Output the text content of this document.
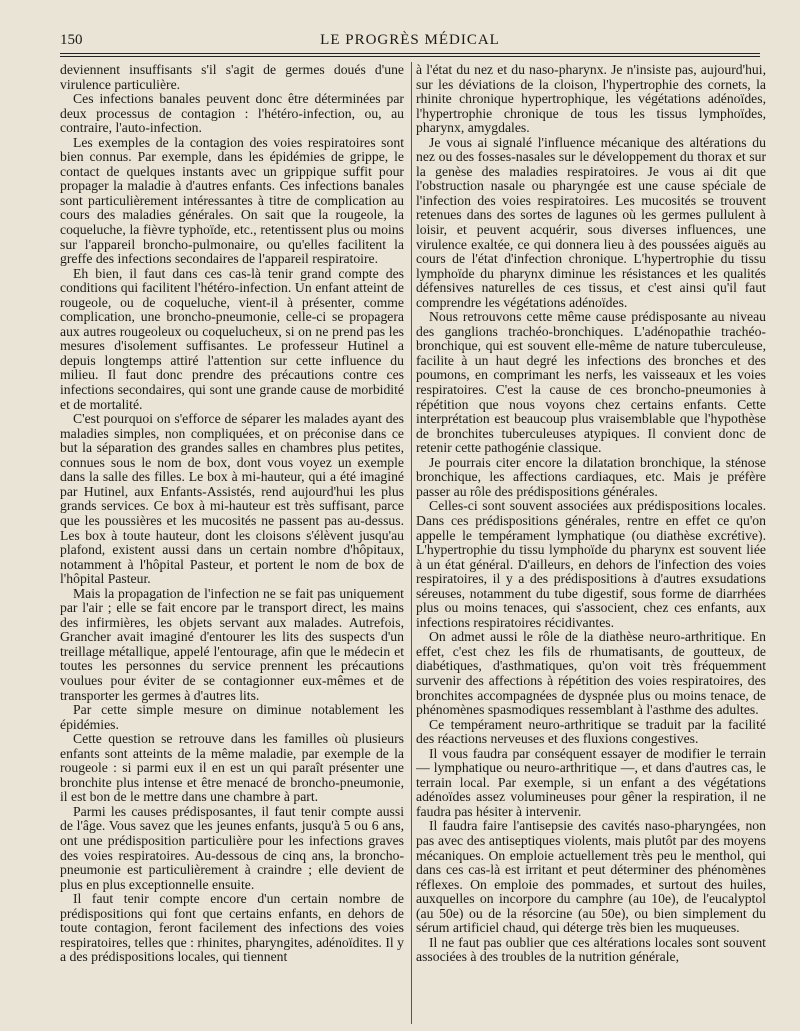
150	LE PROGRÈS MÉDICAL

deviennent insuffisants s'il s'agit de germes doués d'une virulence particulière.

Ces infections banales peuvent donc être déterminées par deux processus de contagion : l'hétéro-infection, ou, au contraire, l'auto-infection.

Les exemples de la contagion des voies respiratoires sont bien connus. Par exemple, dans les épidémies de grippe, le contact de quelques instants avec un grippique suffit pour propager la maladie à d'autres enfants. Ces infections banales sont particulièrement intéressantes à titre de complication au cours des maladies générales. On sait que la rougeole, la coqueluche, la fièvre typhoïde, etc., retentissent plus ou moins sur l'appareil broncho-pulmonaire, ou qu'elles facilitent la greffe des infections secondaires de l'appareil respiratoire.

Eh bien, il faut dans ces cas-là tenir grand compte des conditions qui facilitent l'hétéro-infection. Un enfant atteint de rougeole, ou de coqueluche, vient-il à présenter, comme complication, une broncho-pneumonie, celle-ci se propagera aux autres rougeoleux ou coquelucheux, si on ne prend pas les mesures d'isolement suffisantes. Le professeur Hutinel a depuis longtemps attiré l'attention sur cette influence du milieu. Il faut donc prendre des précautions contre ces infections secondaires, qui sont une grande cause de morbidité et de mortalité.

C'est pourquoi on s'efforce de séparer les malades ayant des maladies simples, non compliquées, et on préconise dans ce but la séparation des grandes salles en chambres plus petites, connues sous le nom de box, dont vous voyez un exemple dans la salle des filles. Le box à mi-hauteur, qui a été imaginé par Hutinel, aux Enfants-Assistés, rend aujourd'hui les plus grands services. Ce box à mi-hauteur est très suffisant, parce que les poussières et les mucosités ne passent pas au-dessus. Les box à toute hauteur, dont les cloisons s'élèvent jusqu'au plafond, existent aussi dans un certain nombre d'hôpitaux, notamment à l'hôpital Pasteur, et portent le nom de box de l'hôpital Pasteur.

Mais la propagation de l'infection ne se fait pas uniquement par l'air ; elle se fait encore par le transport direct, les mains des infirmières, les objets servant aux malades. Autrefois, Grancher avait imaginé d'entourer les lits des suspects d'un treillage métallique, appelé l'entourage, afin que le médecin et toutes les personnes du service prennent les précautions voulues pour éviter de se contagionner eux-mêmes et de transporter les germes à d'autres lits.

Par cette simple mesure on diminue notablement les épidémies.

Cette question se retrouve dans les familles où plusieurs enfants sont atteints de la même maladie, par exemple de la rougeole : si parmi eux il en est un qui paraît présenter une bronchite plus intense et être menacé de broncho-pneumonie, il est bon de le mettre dans une chambre à part.

Parmi les causes prédisposantes, il faut tenir compte aussi de l'âge. Vous savez que les jeunes enfants, jusqu'à 5 ou 6 ans, ont une prédisposition particulière pour les infections graves des voies respiratoires. Au-dessous de cinq ans, la broncho-pneumonie est particulièrement à craindre ; elle devient de plus en plus exceptionnelle ensuite.

Il faut tenir compte encore d'un certain nombre de prédispositions qui font que certains enfants, en dehors de toute contagion, feront facilement des infections des voies respiratoires, telles que : rhinites, pharyngites, adénoïdites. Il y a des prédispositions locales, qui tiennent

à l'état du nez et du naso-pharynx. Je n'insiste pas, aujourd'hui, sur les déviations de la cloison, l'hypertrophie des cornets, la rhinite chronique hypertrophique, les végétations adénoïdes, l'hypertrophie chronique de tous les tissus lymphoïdes, pharynx, amygdales.

Je vous ai signalé l'influence mécanique des altérations du nez ou des fosses-nasales sur le développement du thorax et sur la genèse des maladies respiratoires. Je vous ai dit que l'obstruction nasale ou pharyngée est une cause spéciale de l'infection des voies respiratoires. Les mucosités se trouvent retenues dans des sortes de lagunes où les germes pullulent à loisir, et peuvent acquérir, sous diverses influences, une virulence exaltée, ce qui donnera lieu à des poussées aiguës au cours de l'état d'infection chronique. L'hypertrophie du tissu lymphoïde du pharynx diminue les résistances et les qualités défensives naturelles de ces tissus, et c'est ainsi qu'il faut comprendre les végétations adénoïdes.

Nous retrouvons cette même cause prédisposante au niveau des ganglions trachéo-bronchiques. L'adénopathie trachéo-bronchique, qui est souvent elle-même de nature tuberculeuse, facilite à un haut degré les infections des bronches et des poumons, en comprimant les nerfs, les vaisseaux et les voies respiratoires. C'est la cause de ces broncho-pneumonies à répétition que nous voyons chez certains enfants. Cette interprétation est beaucoup plus vraisemblable que l'hypothèse de bronchites tuberculeuses atypiques. Il convient donc de retenir cette pathogénie classique.

Je pourrais citer encore la dilatation bronchique, la sténose bronchique, les affections cardiaques, etc. Mais je préfère passer au rôle des prédispositions générales.

Celles-ci sont souvent associées aux prédispositions locales. Dans ces prédispositions générales, rentre en effet ce qu'on appelle le tempérament lymphatique (ou diathèse excrétive). L'hypertrophie du tissu lymphoïde du pharynx est souvent liée à un état général. D'ailleurs, en dehors de l'infection des voies respiratoires, il y a des prédispositions à d'autres exsudations séreuses, notamment du tube digestif, sous forme de diarrhées plus ou moins tenaces, qui s'associent, chez ces enfants, aux infections respiratoires récidivantes.

On admet aussi le rôle de la diathèse neuro-arthritique. En effet, c'est chez les fils de rhumatisants, de goutteux, de diabétiques, d'asthmatiques, qu'on voit très fréquemment survenir des affections à répétition des voies respiratoires, des bronchites accompagnées de dyspnée plus ou moins tenace, de phénomènes spasmodiques ressemblant à l'asthme des adultes.

Ce tempérament neuro-arthritique se traduit par la facilité des réactions nerveuses et des fluxions congestives.

Il vous faudra par conséquent essayer de modifier le terrain — lymphatique ou neuro-arthritique —, et dans d'autres cas, le terrain local. Par exemple, si un enfant a des végétations adénoïdes assez volumineuses pour gêner la respiration, il ne faudra pas hésiter à intervenir.

Il faudra faire l'antisepsie des cavités naso-pharyngées, non pas avec des antiseptiques violents, mais plutôt par des moyens mécaniques. On emploie actuellement très peu le menthol, qui dans ces cas-là est irritant et peut déterminer des phénomènes réflexes. On emploie des pommades, et surtout des huiles, auxquelles on incorpore du camphre (au 10e), de l'eucalyptol (au 50e) ou de la résorcine (au 50e), ou bien simplement du sérum artificiel chaud, qui déterge très bien les muqueuses.

Il ne faut pas oublier que ces altérations locales sont souvent associées à des troubles de la nutrition générale,
